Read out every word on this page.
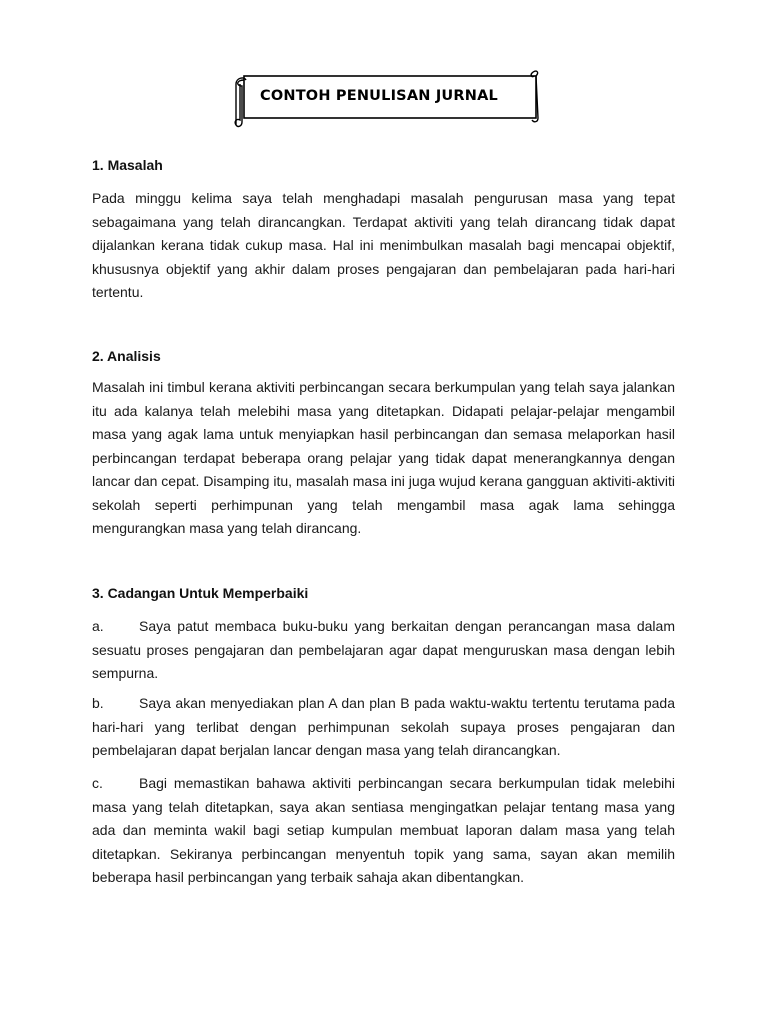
CONTOH PENULISAN JURNAL
1. Masalah
Pada minggu kelima saya telah menghadapi masalah pengurusan masa yang tepat sebagaimana yang telah dirancangkan. Terdapat aktiviti yang telah dirancang tidak dapat dijalankan kerana tidak cukup masa. Hal ini menimbulkan masalah bagi mencapai objektif, khususnya objektif yang akhir dalam proses pengajaran dan pembelajaran pada hari-hari tertentu.
2. Analisis
Masalah ini timbul kerana aktiviti perbincangan secara berkumpulan yang telah saya jalankan itu ada kalanya telah melebihi masa yang ditetapkan. Didapati pelajar-pelajar mengambil masa yang agak lama untuk menyiapkan hasil perbincangan dan semasa melaporkan hasil perbincangan terdapat beberapa orang pelajar yang tidak dapat menerangkannya dengan lancar dan cepat. Disamping itu, masalah masa ini juga wujud kerana gangguan aktiviti-aktiviti sekolah seperti perhimpunan yang telah mengambil masa agak lama sehingga mengurangkan masa yang telah dirancang.
3. Cadangan Untuk Memperbaiki
a.	Saya patut membaca buku-buku yang berkaitan dengan perancangan masa dalam sesuatu proses pengajaran dan pembelajaran agar dapat menguruskan masa dengan lebih sempurna.
b.	Saya akan menyediakan plan A dan plan B pada waktu-waktu tertentu terutama pada hari-hari yang terlibat dengan perhimpunan sekolah supaya proses pengajaran dan pembelajaran dapat berjalan lancar dengan masa yang telah dirancangkan.
c.	Bagi memastikan bahawa aktiviti perbincangan secara berkumpulan tidak melebihi masa yang telah ditetapkan, saya akan sentiasa mengingatkan pelajar tentang masa yang ada dan meminta wakil bagi setiap kumpulan membuat laporan dalam masa yang telah ditetapkan. Sekiranya perbincangan menyentuh topik yang sama, sayan akan memilih beberapa hasil perbincangan yang terbaik sahaja akan dibentangkan.
